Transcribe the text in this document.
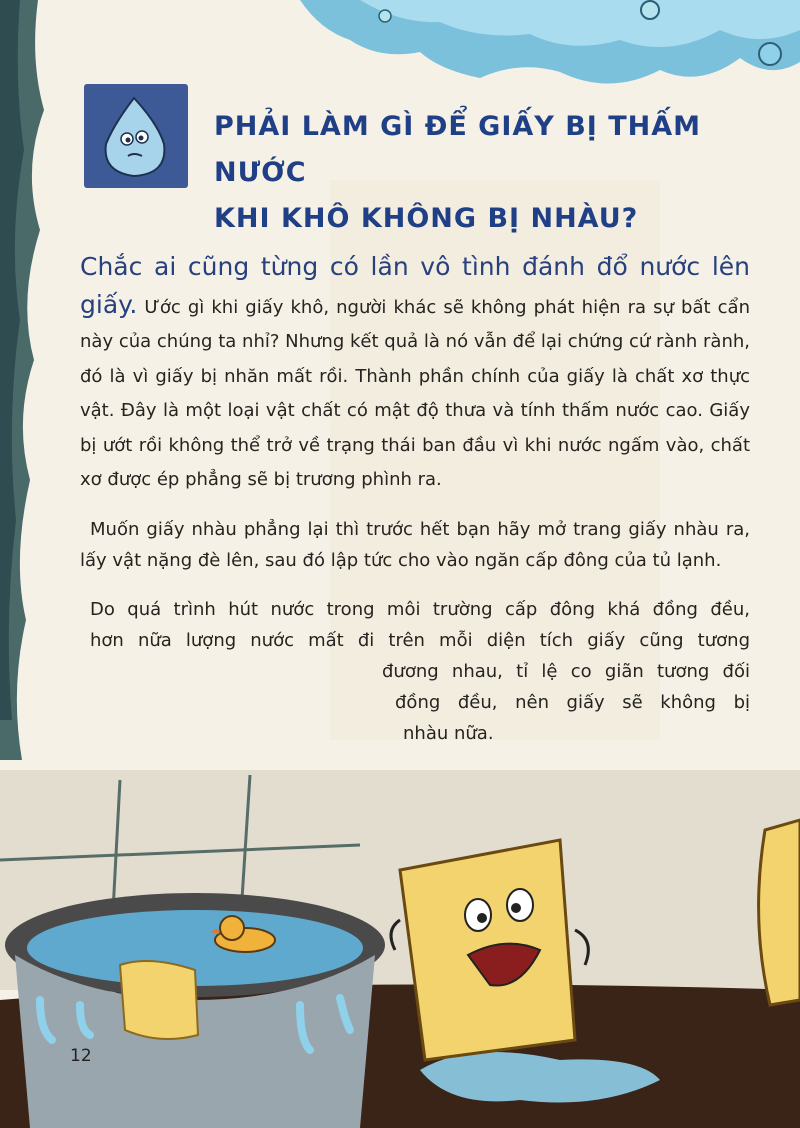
PHẢI LÀM GÌ ĐỂ GIẤY BỊ THẤM NƯỚC
KHI KHÔ KHÔNG BỊ NHÀU?

Chắc ai cũng từng có lần vô tình đánh đổ nước lên giấy. Ước gì khi giấy khô, người khác sẽ không phát hiện ra sự bất cẩn này của chúng ta nhỉ? Nhưng kết quả là nó vẫn để lại chứng cứ rành rành, đó là vì giấy bị nhăn mất rồi. Thành phần chính của giấy là chất xơ thực vật. Đây là một loại vật chất có mật độ thưa và tính thấm nước cao. Giấy bị ướt rồi không thể trở về trạng thái ban đầu vì khi nước ngấm vào, chất xơ được ép phẳng sẽ bị trương phình ra.

Muốn giấy nhàu phẳng lại thì trước hết bạn hãy mở trang giấy nhàu ra, lấy vật nặng đè lên, sau đó lập tức cho vào ngăn cấp đông của tủ lạnh.

Do quá trình hút nước trong môi trường cấp đông khá đồng đều,
hơn nữa lượng nước mất đi trên mỗi diện tích giấy cũng tương
đương nhau, tỉ lệ co giãn tương đối
đồng đều, nên giấy sẽ không bị
nhàu nữa.

12
